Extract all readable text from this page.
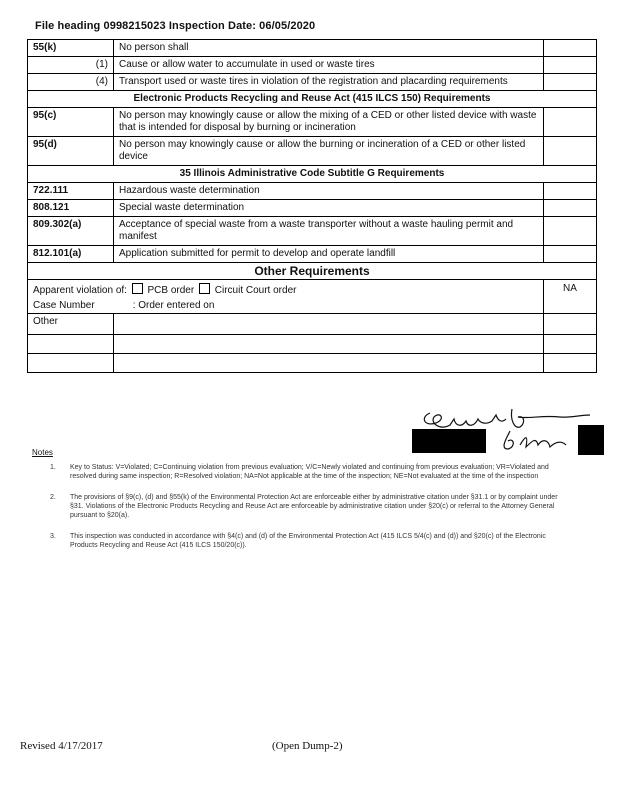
File heading 0998215023 Inspection Date: 06/05/2020
55(k)	No person shall	
(1)	Cause or allow water to accumulate in used or waste tires	
(4)	Transport used or waste tires in violation of the registration and placarding requirements	
Electronic Products Recycling and Reuse Act (415 ILCS 150) Requirements		
95(c)	No person may knowingly cause or allow the mixing of a CED or other listed device with waste that is intended for disposal by burning or incineration	
95(d)	No person may knowingly cause or allow the burning or incineration of a CED or other listed device	
35 Illinois Administrative Code Subtitle G Requirements		
722.111	Hazardous waste determination	
808.121	Special waste determination	
809.302(a)	Acceptance of special waste from a waste transporter without a waste hauling permit and manifest	
812.101(a)	Application submitted for permit to develop and operate landfill	
Other Requirements		
Apparent violation of: PCB order Circuit Court order
Case Number : Order entered on		NA
Other		

Notes
1.	Key to Status: V=Violated; C=Continuing violation from previous evaluation; V/C=Newly violated and continuing from previous evaluation; VR=Violated and resolved during same inspection; R=Resolved violation; NA=Not applicable at the time of the inspection; NE=Not evaluated at the time of the inspection
2.	The provisions of §9(c), (d) and §55(k) of the Environmental Protection Act are enforceable either by administrative citation under §31.1 or by complaint under §31. Violations of the Electronic Products Recycling and Reuse Act are enforceable by administrative citation under §20(c) or referral to the Attorney General pursuant to §20(a).
3.	This inspection was conducted in accordance with §4(c) and (d) of the Environmental Protection Act (415 ILCS 5/4(c) and (d)) and §20(c) of the Electronic Products Recycling and Reuse Act (415 ILCS 150/20(c)).
Revised 4/17/2017	(Open Dump-2)
